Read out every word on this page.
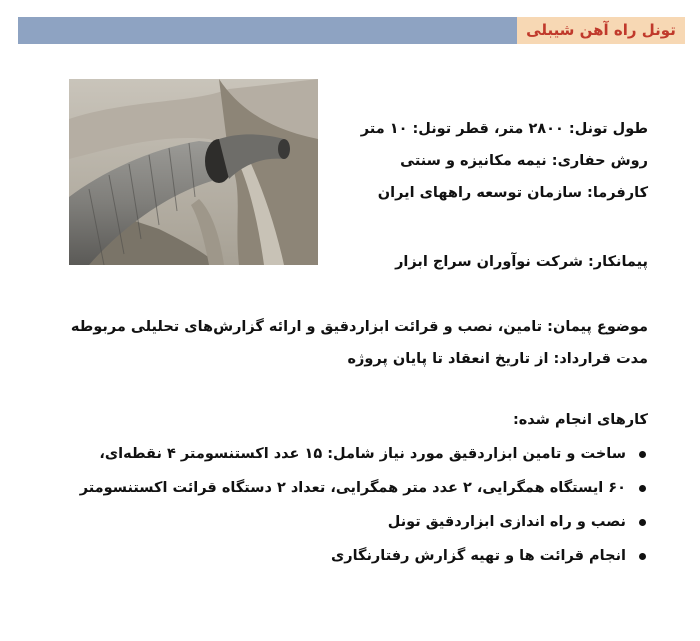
تونل راه آهن شیبلی
طول تونل: ۲۸۰۰ متر، قطر تونل: ۱۰ متر
روش حفاری: نیمه مکانیزه و سنتی
کارفرما: سازمان توسعه راههای ایران
پیمانکار: شرکت نوآوران سراج ابزار
موضوع پیمان: تامین، نصب و قرائت ابزاردقیق و ارائه گزارش‌های تحلیلی مربوطه
مدت قرارداد: از تاریخ انعقاد تا پایان پروژه
کارهای انجام شده:
ساخت و تامین ابزاردقیق مورد نیاز شامل: ۱۵ عدد اکستنسومتر ۴ نقطه‌ای،
۶۰ ایستگاه همگرایی، ۲ عدد متر همگرایی، تعداد ۲ دستگاه قرائت اکستنسومتر
نصب و راه اندازی ابزاردقیق تونل
انجام قرائت ها و تهیه گزارش رفتارنگاری
